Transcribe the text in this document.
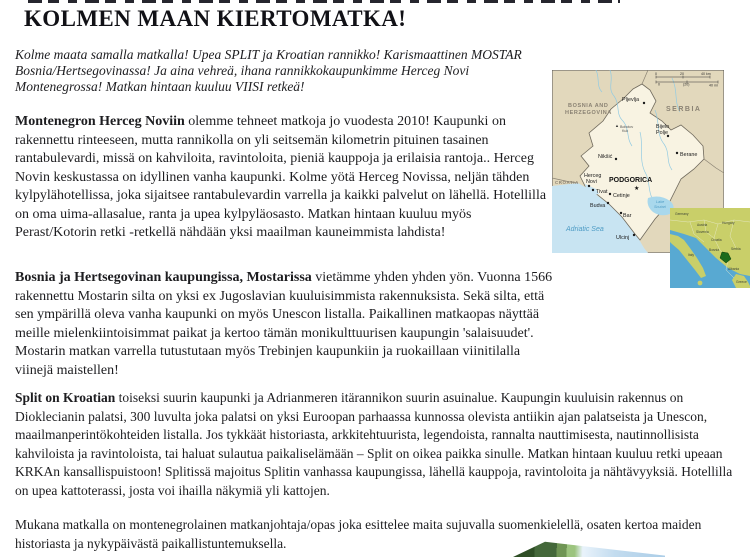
KOLMEN MAAN KIERTOMATKA!

Kolme maata samalla matkalla! Upea SPLIT ja Kroatian rannikko! Karismaattinen MOSTAR Bosnia/Hertsegovinassa! Ja aina vehreä, ihana rannikkokaupunkimme Herceg Novi Montenegrossa! Matkan hintaan kuuluu VIISI retkeä!

Montenegron Herceg Noviin olemme tehneet matkoja jo vuodesta 2010! Kaupunki on rakennettu rinteeseen, mutta rannikolla on yli seitsemän kilometrin pituinen tasainen rantabulevardi, missä on kahviloita, ravintoloita, pieniä kauppoja ja erilaisia rantoja.. Herceg Novin keskustassa on idyllinen vanha kaupunki. Kolme yötä Herceg Novissa, neljän tähden kylpylähotellissa, joka sijaitsee rantabulevardin varrella ja kaikki palvelut on lähellä. Hotellilla on oma uima-allasalue, ranta ja upea kylpyläosasto. Matkan hintaan kuuluu myös Perast/Kotorin retki -retkellä nähdään yksi maailman kauneimmista lahdista!

Bosnia ja Hertsegovinan kaupungissa, Mostarissa vietämme yhden yhden yön. Vuonna 1566 rakennettu Mostarin silta on yksi ex Jugoslavian kuuluisimmista rakennuksista. Sekä silta, että sen ympärillä oleva vanha kaupunki on myös Unescon listalla. Paikallinen matkaopas näyttää meille mielenkiintoisimmat paikat ja kertoo tämän monikulttuurisen kaupungin 'salaisuudet'. Mostarin matkan varrella tutustutaan myös Trebinjen kaupunkiin ja ruokaillaan viinitilalla viinejä maistellen!

Split on Kroatian toiseksi suurin kaupunki ja Adrianmeren itärannikon suurin asuinalue. Kaupungin kuuluisin rakennus on Dioklecianin palatsi, 300 luvulta joka palatsi on yksi Euroopan parhaassa kunnossa olevista antiikin ajan palatseista ja Unescon, maailmanperintökohteiden listalla. Jos tykkäät historiasta, arkkitehtuurista, legendoista, rannalta nauttimisesta, nautinnollisista kahviloista ja ravintoloista, tai haluat sulautua paikaliselämään – Split on oikea paikka sinulle. Matkan hintaan kuuluu retki upeaan KRKAn kansallispuistoon! Splitissä majoitus Splitin vanhassa kaupungissa, lähellä kauppoja, ravintoloita ja nähtävyyksiä. Hotellilla on upea kattoterassi, josta voi ihailla näkymiä yli kattojen.

Mukana matkalla on montenegrolainen matkanjohtaja/opas joka esittelee maita sujuvalla suomenkielellä, osaten kertoa maiden historiasta ja nykypäivästä paikallistuntemuksella.

0	20	40 km
0	(20)	40 mi
BOSNIA AND
HERZEGOVINA	SERBIA
CROATIA
Adriatic Sea
Lake
Scutari
Pljevlja
Bijelo
Polje
Berane
Nikšić
Herceg
Novi
Tivat
Cetinje
Budva
Bar
Ulcinj
PODGORICA
★
▲ Bobotov
Kuk
Germany
Austria	Hungary
Slovenia
Croatia
Bosnia	Serbia
Italy
Albania
Greece
